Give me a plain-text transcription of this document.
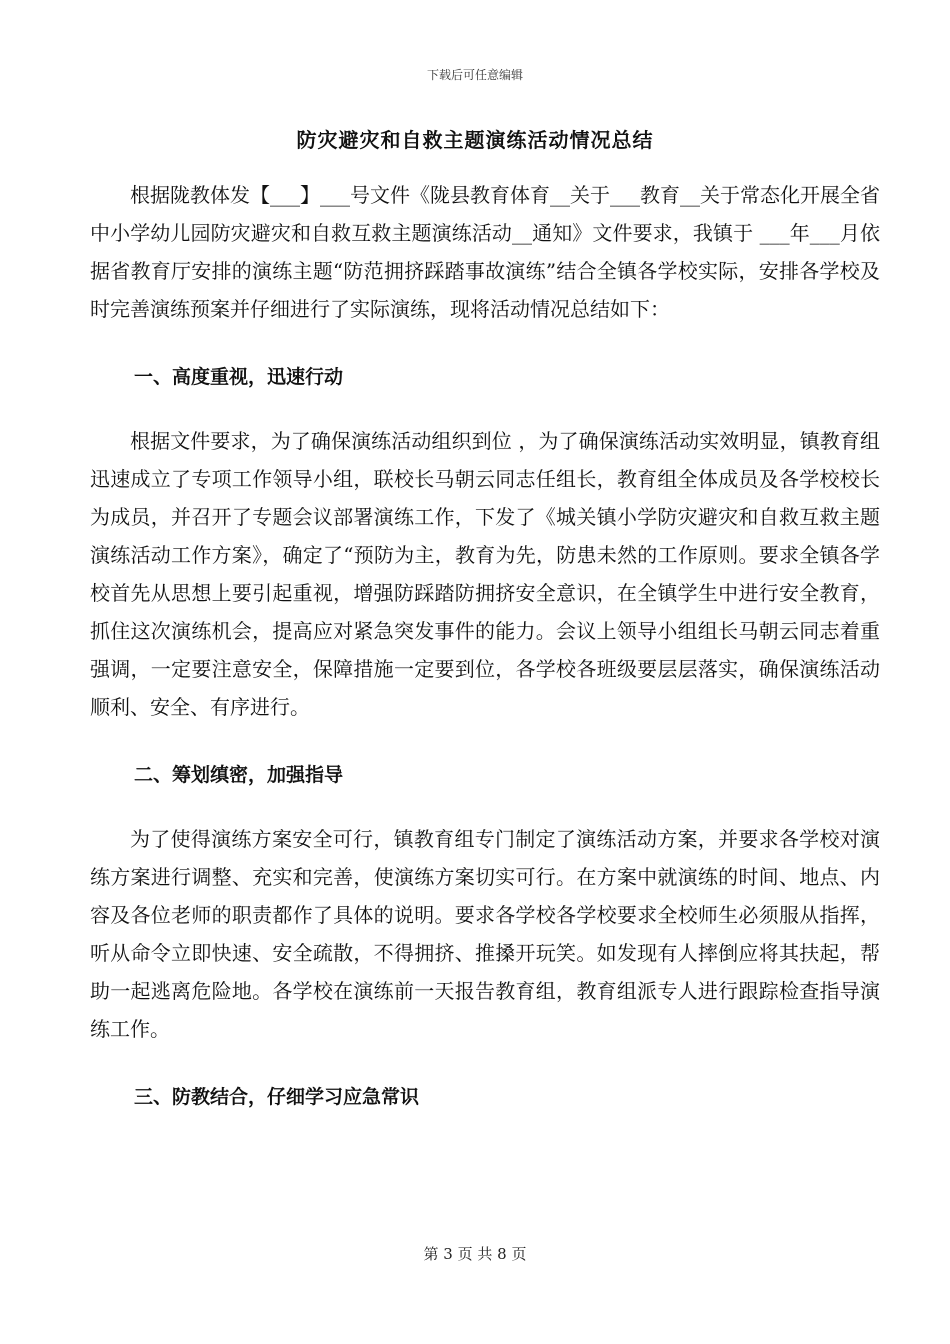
下载后可任意编辑
防灾避灾和自救主题演练活动情况总结

根据陇教体发【___】___号文件《陇县教育体育__关于___教育__关于常态化开展全省中小学幼儿园防灾避灾和自救互救主题演练活动__通知》文件要求，我镇于 ___年___月依据省教育厅安排的演练主题“防范拥挤踩踏事故演练”结合全镇各学校实际，安排各学校及时完善演练预案并仔细进行了实际演练，现将活动情况总结如下：

一、高度重视，迅速行动

根据文件要求，为了确保演练活动组织到位 ，为了确保演练活动实效明显，镇教育组迅速成立了专项工作领导小组，联校长马朝云同志任组长，教育组全体成员及各学校校长为成员，并召开了专题会议部署演练工作，下发了《城关镇小学防灾避灾和自救互救主题演练活动工作方案》，确定了“预防为主，教育为先，防患未然的工作原则。要求全镇各学校首先从思想上要引起重视，增强防踩踏防拥挤安全意识，在全镇学生中进行安全教育，抓住这次演练机会，提高应对紧急突发事件的能力。会议上领导小组组长马朝云同志着重强调，一定要注意安全，保障措施一定要到位，各学校各班级要层层落实，确保演练活动顺利、安全、有序进行。

二、筹划缜密，加强指导

为了使得演练方案安全可行，镇教育组专门制定了演练活动方案，并要求各学校对演练方案进行调整、充实和完善，使演练方案切实可行。在方案中就演练的时间、地点、内容及各位老师的职责都作了具体的说明。要求各学校各学校要求全校师生必须服从指挥，听从命令立即快速、安全疏散，不得拥挤、推搡开玩笑。如发现有人摔倒应将其扶起，帮助一起逃离危险地。各学校在演练前一天报告教育组，教育组派专人进行跟踪检查指导演练工作。

三、防教结合，仔细学习应急常识

第 3 页 共 8 页
